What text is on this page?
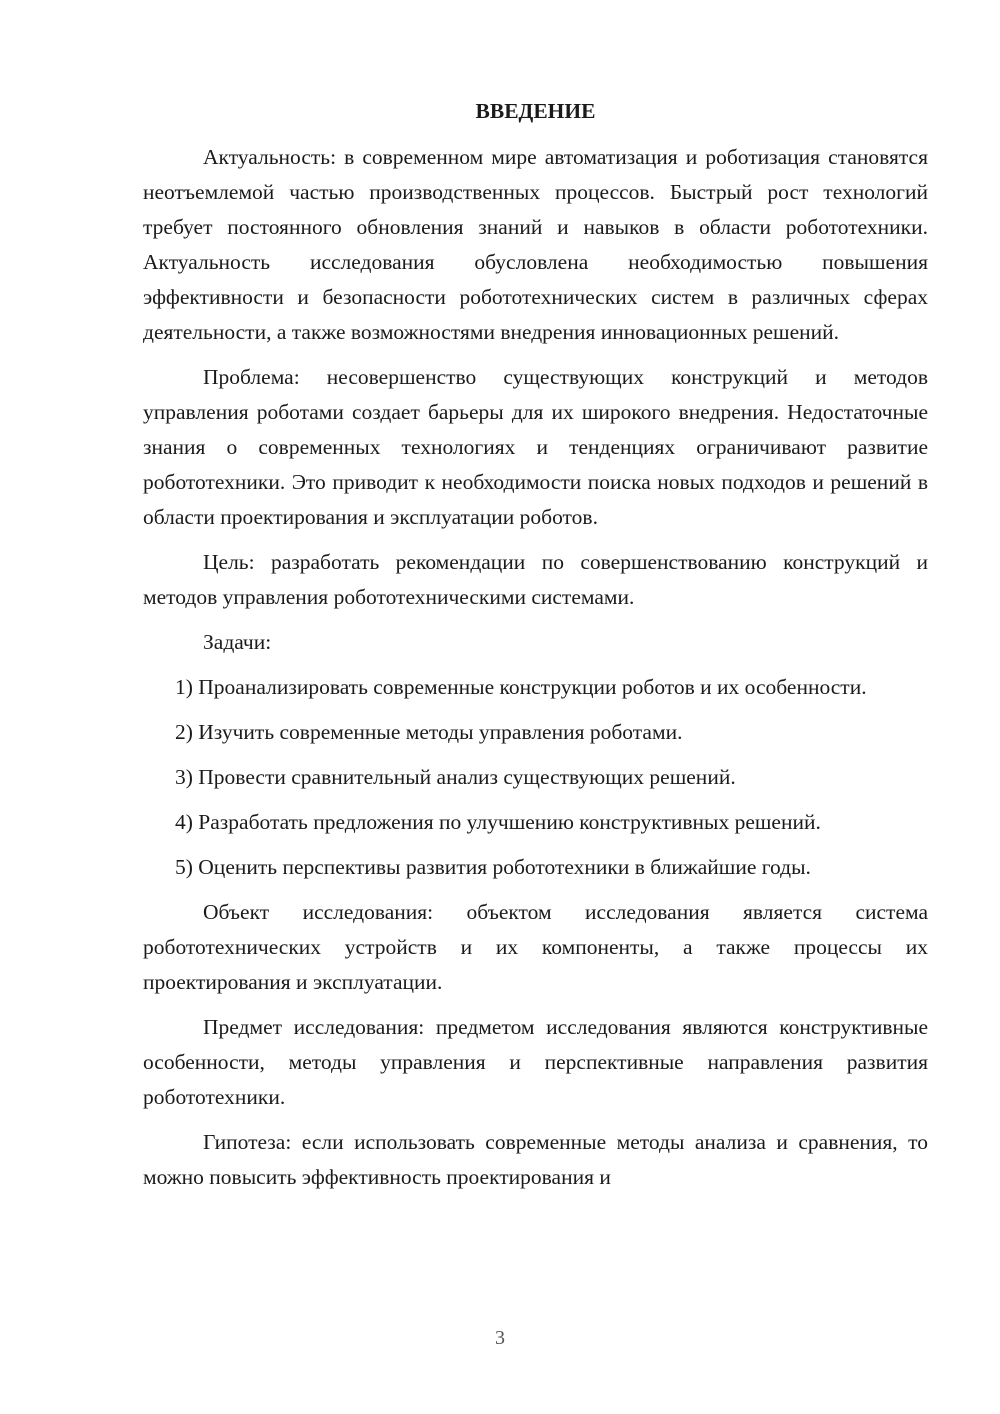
ВВЕДЕНИЕ

Актуальность: в современном мире автоматизация и роботизация становятся неотъемлемой частью производственных процессов. Быстрый рост технологий требует постоянного обновления знаний и навыков в области робототехники. Актуальность исследования обусловлена необходимостью повышения эффективности и безопасности робототехнических систем в различных сферах деятельности, а также возможностями внедрения инновационных решений.

Проблема: несовершенство существующих конструкций и методов управления роботами создает барьеры для их широкого внедрения. Недостаточные знания о современных технологиях и тенденциях ограничивают развитие робототехники. Это приводит к необходимости поиска новых подходов и решений в области проектирования и эксплуатации роботов.

Цель: разработать рекомендации по совершенствованию конструкций и методов управления робототехническими системами.

Задачи:

1) Проанализировать современные конструкции роботов и их особенности.

2) Изучить современные методы управления роботами.

3) Провести сравнительный анализ существующих решений.

4) Разработать предложения по улучшению конструктивных решений.

5) Оценить перспективы развития робототехники в ближайшие годы.

Объект исследования: объектом исследования является система робототехнических устройств и их компоненты, а также процессы их проектирования и эксплуатации.

Предмет исследования: предметом исследования являются конструктивные особенности, методы управления и перспективные направления развития робототехники.

Гипотеза: если использовать современные методы анализа и сравнения, то можно повысить эффективность проектирования и

3
